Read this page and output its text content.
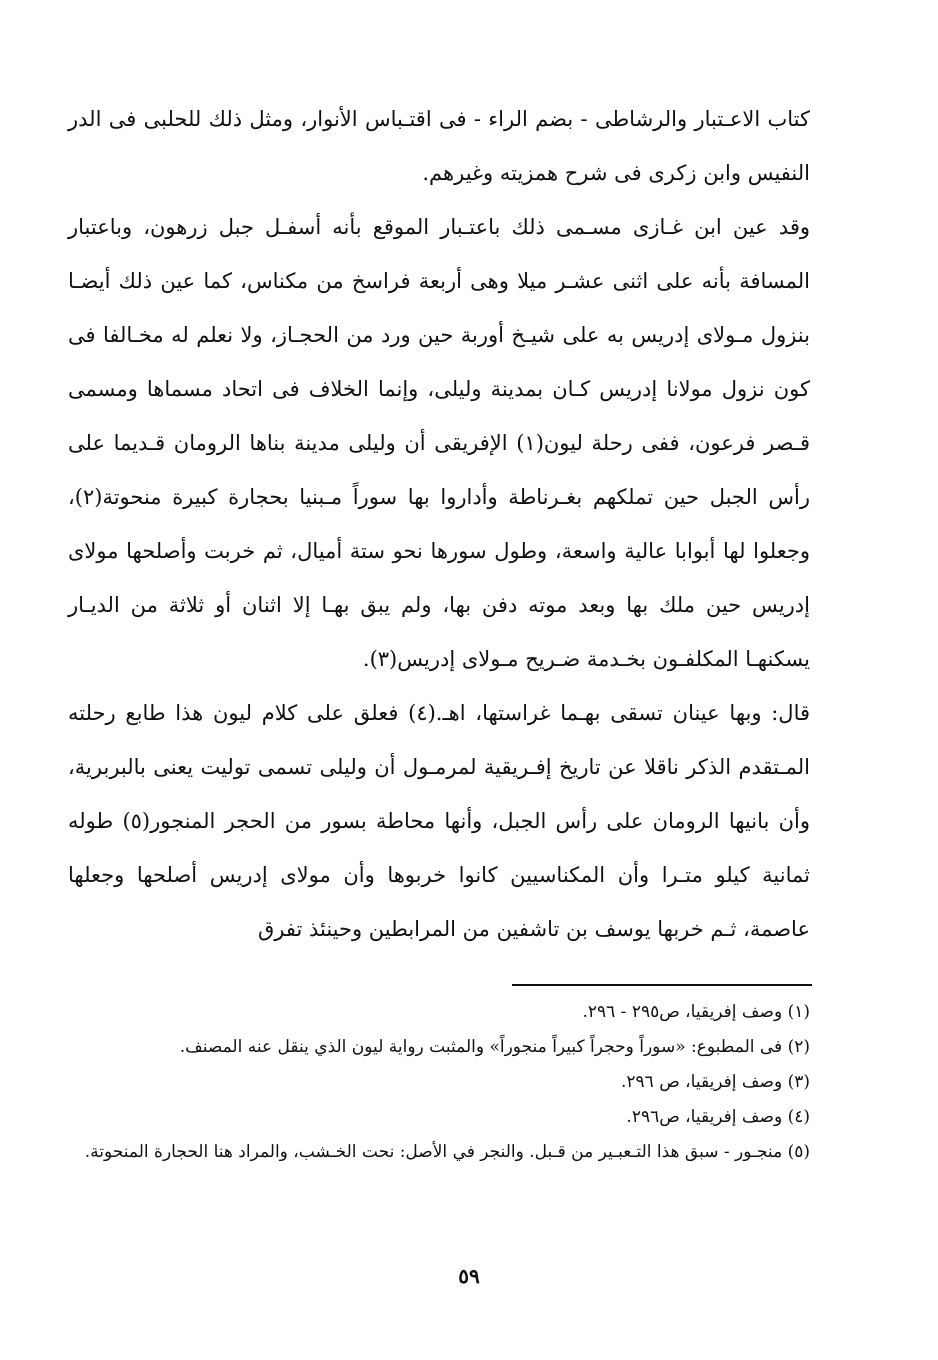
كتاب الاعـتبار والرشاطى - بضم الراء - فى اقتـباس الأنوار، ومثل ذلك للحلبى فى الدر النفيس وابن زكرى فى شرح همزيته وغيرهم.

وقد عين ابن غـازى مسـمى ذلك باعتـبار الموقع بأنه أسفـل جبل زرهون، وباعتبار المسافة بأنه على اثنى عشـر ميلا وهى أربعة فراسخ من مكناس، كما عين ذلك أيضـا بنزول مـولاى إدريس به على شيـخ أوربة حين ورد من الحجـاز، ولا نعلم له مخـالفا فى كون نزول مولانا إدريس كـان بمدينة وليلى، وإنما الخلاف فى اتحاد مسماها ومسمى قـصر فرعون، ففى رحلة ليون(١) الإفريقى أن وليلى مدينة بناها الرومان قـديما على رأس الجبل حين تملكهم بغـرناطة وأداروا بها سوراً مـبنيا بحجارة كبيرة منحوتة(٢)، وجعلوا لها أبوابا عالية واسعة، وطول سورها نحو ستة أميال، ثم خربت وأصلحها مولاى إدريس حين ملك بها وبعد موته دفن بها، ولم يبق بهـا إلا اثنان أو ثلاثة من الديـار يسكنهـا المكلفـون بخـدمة ضـريح مـولاى إدريس(٣).

قال: وبها عينان تسقى بهـما غراستها، اهـ.(٤) فعلق على كلام ليون هذا طابع رحلته المـتقدم الذكر ناقلا عن تاريخ إفـريقية لمرمـول أن وليلى تسمى توليت يعنى بالبربرية، وأن بانيها الرومان على رأس الجبل، وأنها محاطة بسور من الحجر المنجور(٥) طوله ثمانية كيلو متـرا وأن المكناسيين كانوا خربوها وأن مولاى إدريس أصلحها وجعلها عاصمة، ثـم خربها يوسف بن تاشفين من المرابطين وحينئذ تفرق

(١) وصف إفريقيا، ص٢٩٥ - ٢٩٦.

(٢) فى المطبوع: «سوراً وحجراً كبيراً منجوراً» والمثبت رواية ليون الذي ينقل عنه المصنف.

(٣) وصف إفريقيا، ص ٢٩٦.

(٤) وصف إفريقيا، ص٢٩٦.

(٥) منجـور - سبق هذا التـعبـير من قـبل. والنجر في الأصل: نحت الخـشب، والمراد هنا الحجارة المنحوتة.

٥٩
